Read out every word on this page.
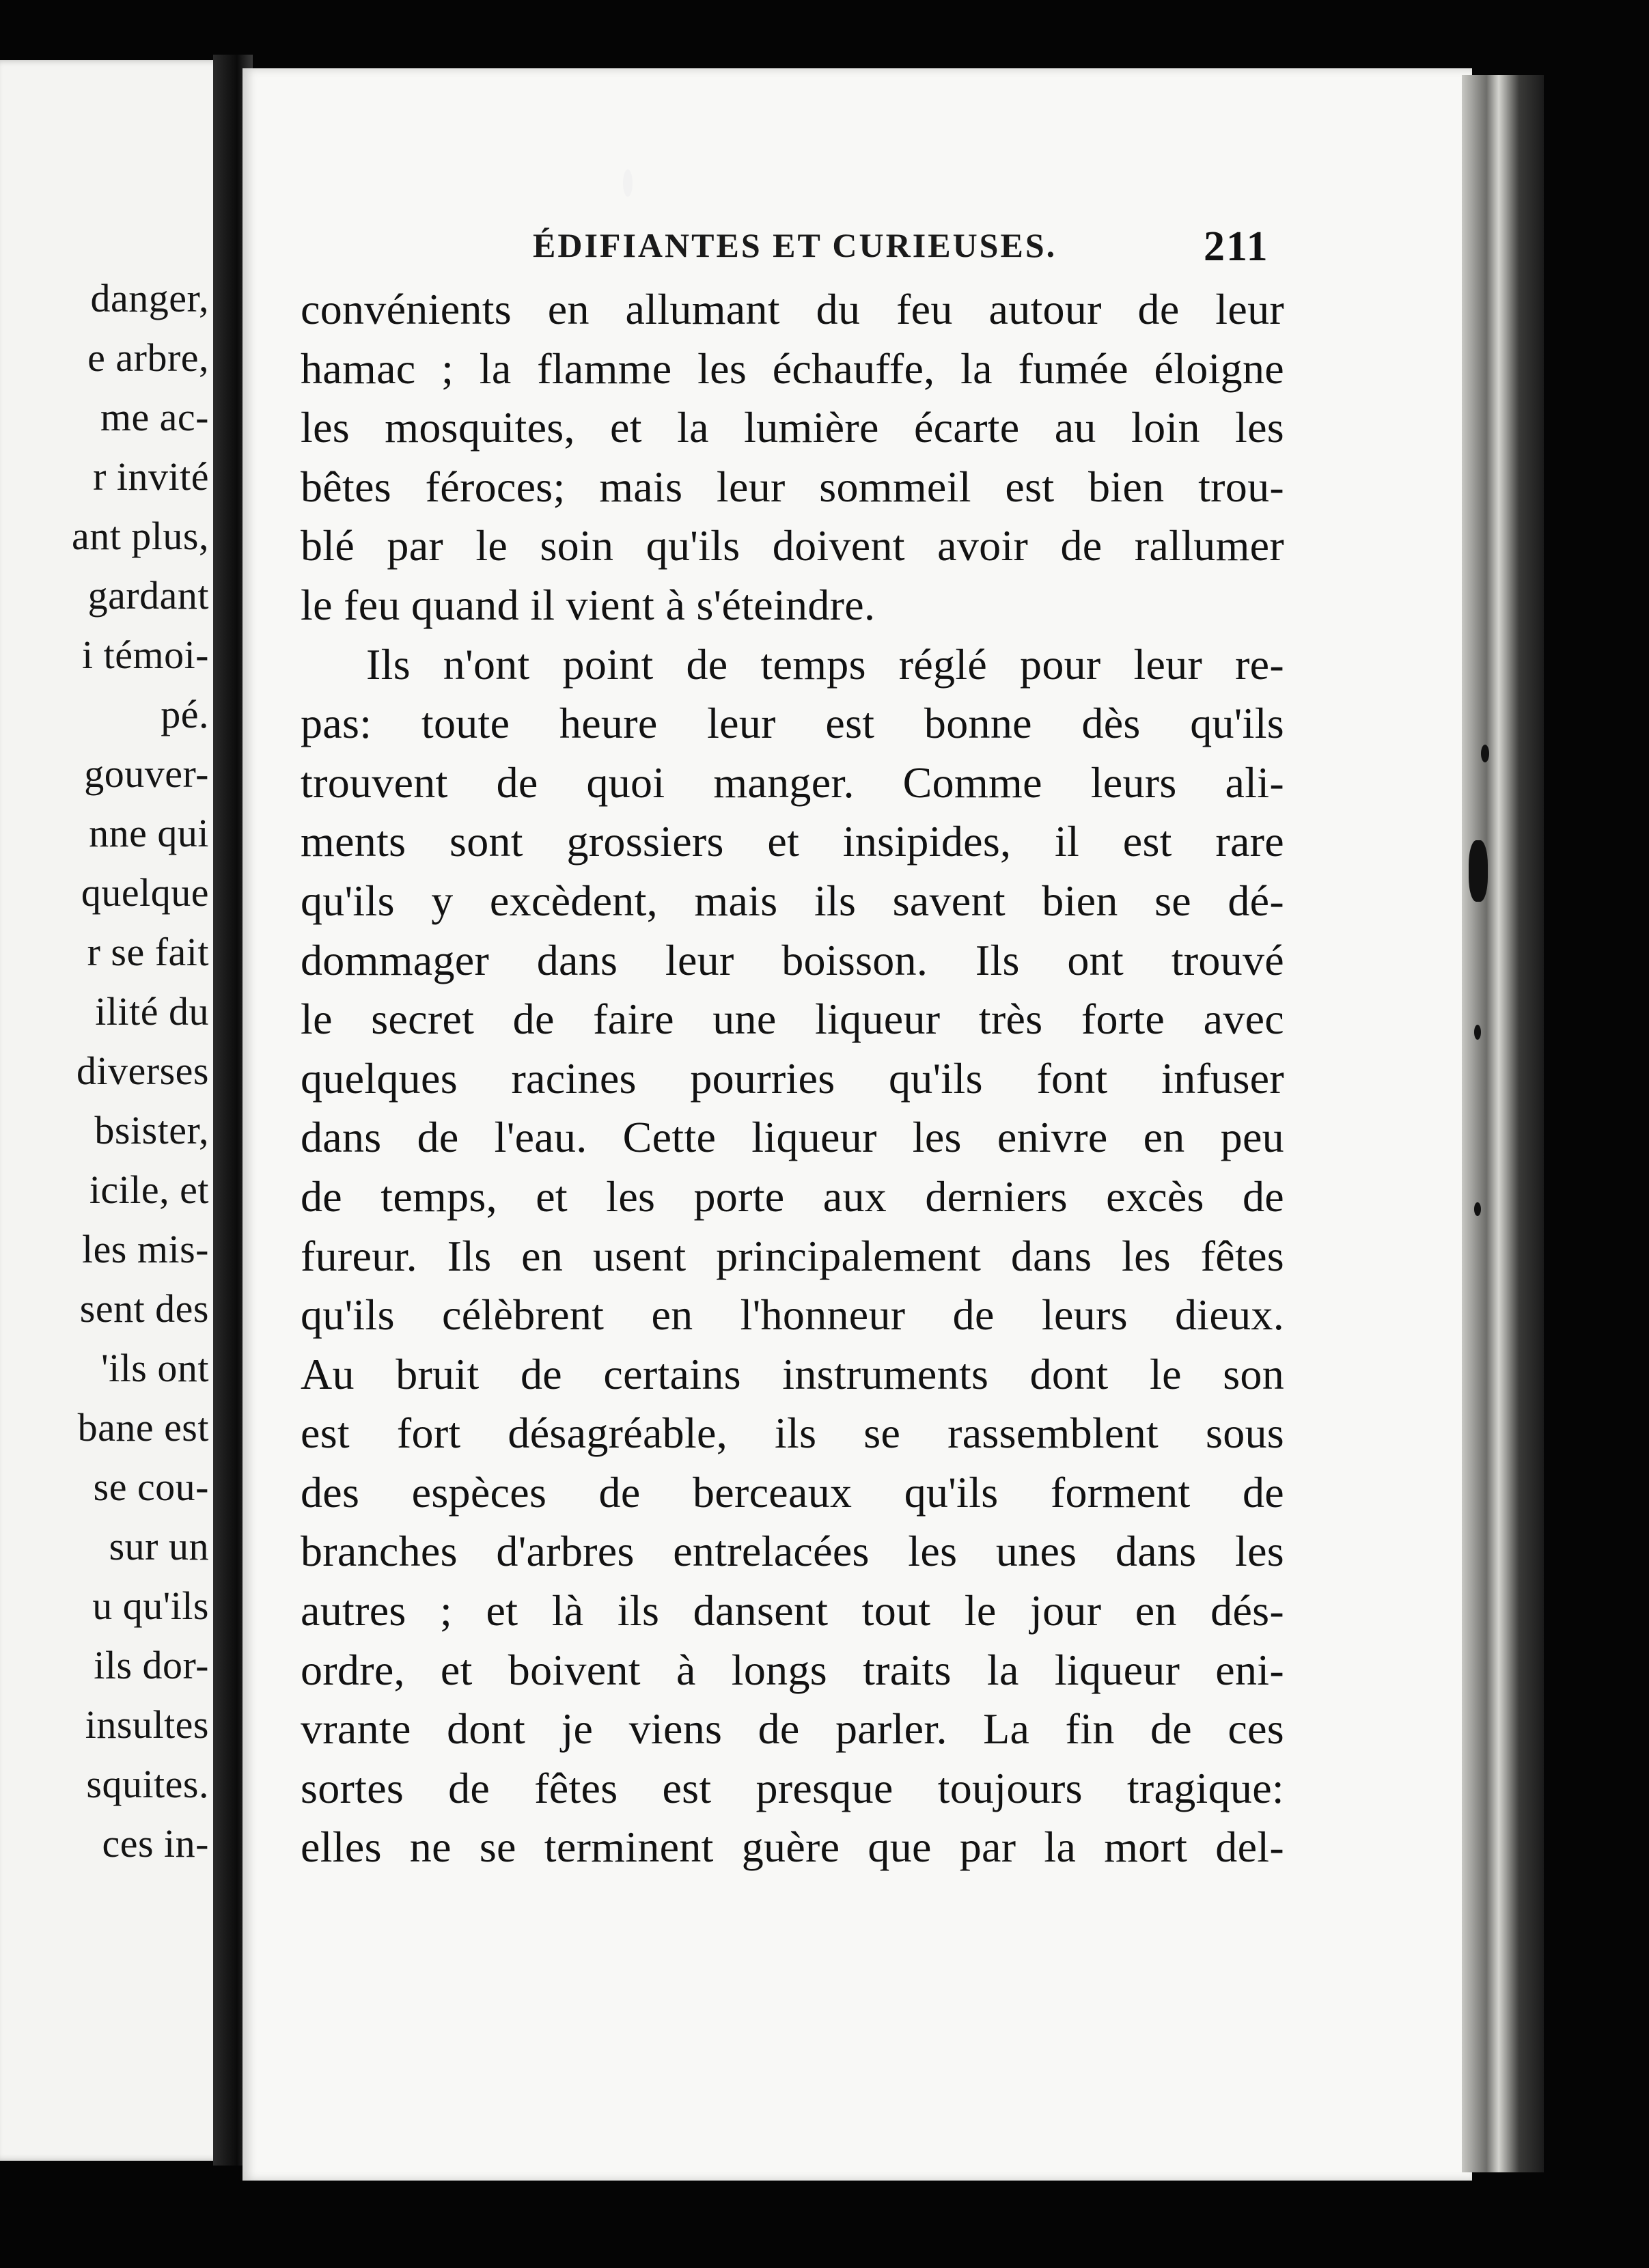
danger,
e arbre,
me ac-
r invité
ant plus,
gardant
i témoi-
pé.
gouver-
nne qui
quelque
r se fait
ilité du
diverses
bsister,
icile, et
les mis-
sent des
'ils ont
bane est
se cou-
sur un
u qu'ils
ils dor-
insultes
squites.
ces in-
ÉDIFIANTES ET CURIEUSES.	211
convénients en allumant du feu autour de leur
hamac ; la flamme les échauffe, la fumée éloigne
les mosquites, et la lumière écarte au loin les
bêtes féroces; mais leur sommeil est bien trou-
blé par le soin qu'ils doivent avoir de rallumer
le feu quand il vient à s'éteindre.
Ils n'ont point de temps réglé pour leur re-
pas: toute heure leur est bonne dès qu'ils
trouvent de quoi manger. Comme leurs ali-
ments sont grossiers et insipides, il est rare
qu'ils y excèdent, mais ils savent bien se dé-
dommager dans leur boisson. Ils ont trouvé
le secret de faire une liqueur très forte avec
quelques racines pourries qu'ils font infuser
dans de l'eau. Cette liqueur les enivre en peu
de temps, et les porte aux derniers excès de
fureur. Ils en usent principalement dans les fêtes
qu'ils célèbrent en l'honneur de leurs dieux.
Au bruit de certains instruments dont le son
est fort désagréable, ils se rassemblent sous
des espèces de berceaux qu'ils forment de
branches d'arbres entrelacées les unes dans les
autres ; et là ils dansent tout le jour en dés-
ordre, et boivent à longs traits la liqueur eni-
vrante dont je viens de parler. La fin de ces
sortes de fêtes est presque toujours tragique:
elles ne se terminent guère que par la mort del-
